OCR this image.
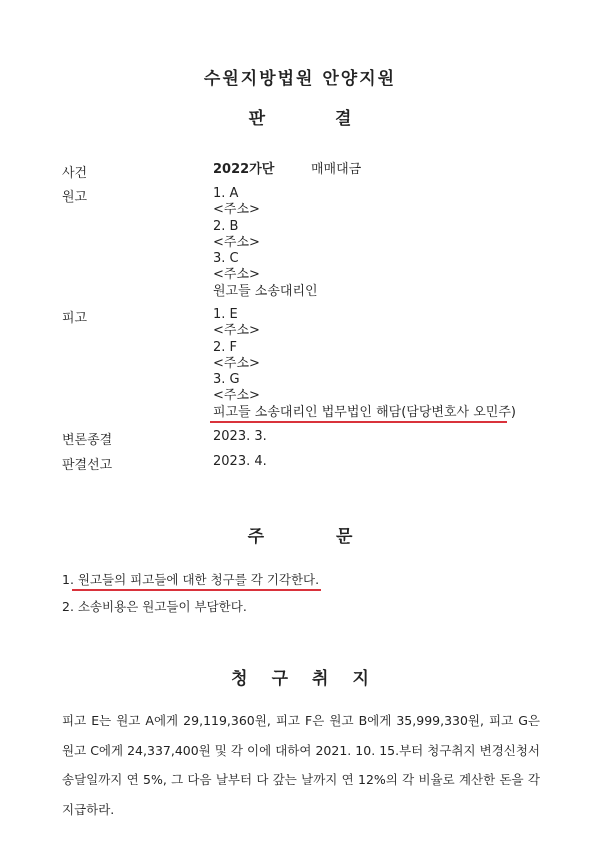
수원지방법원 안양지원
판	결
사건	2022가단	매매대금
원고	1. A
<주소>
2. B
<주소>
3. C
<주소>
원고들 소송대리인
피고	1. E
<주소>
2. F
<주소>
3. G
<주소>
피고들 소송대리인 법무법인 해담(담당변호사 오민주)
변론종결	2023. 3.
판결선고	2023. 4.
주	문
1. 원고들의 피고들에 대한 청구를 각 기각한다.
2. 소송비용은 원고들이 부담한다.
청 구 취 지
피고 E는 원고 A에게 29,119,360원, 피고 F은 원고 B에게 35,999,330원, 피고 G은 원고 C에게 24,337,400원 및 각 이에 대하여 2021. 10. 15.부터 청구취지 변경신청서 송달일까지 연 5%, 그 다음 날부터 다 갚는 날까지 연 12%의 각 비율로 계산한 돈을 각 지급하라.
